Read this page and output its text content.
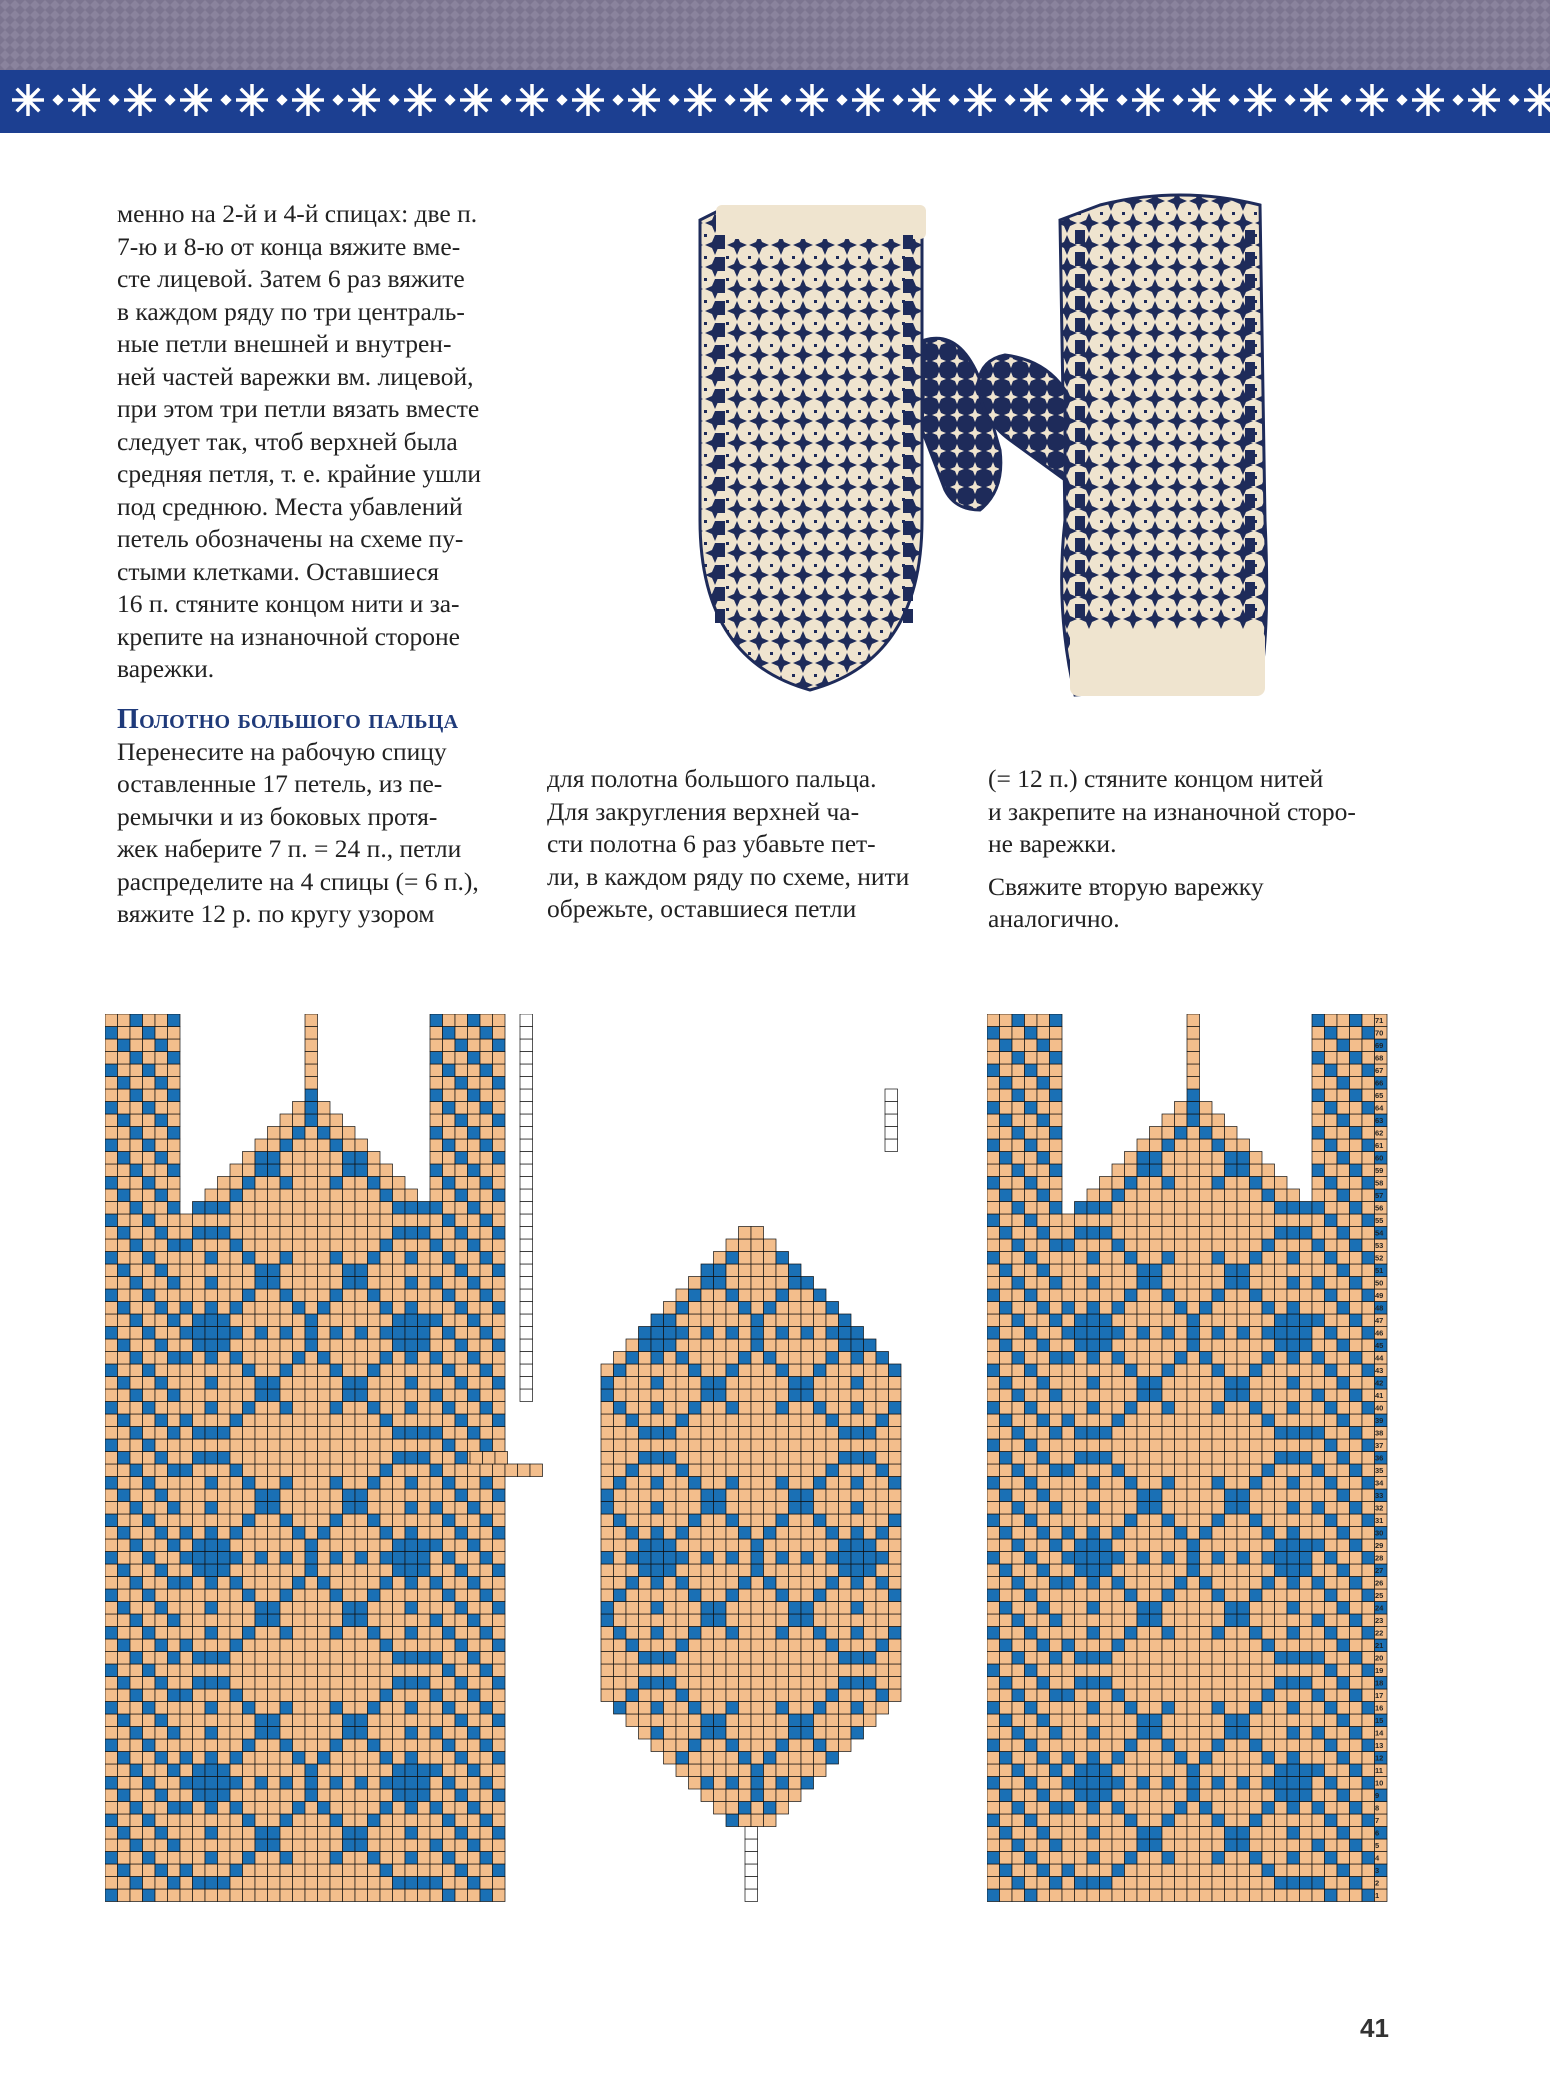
менно на 2-й и 4-й спицах: две п.

7-ю и 8-ю от конца вяжите вме-

сте лицевой. Затем 6 раз вяжите

в каждом ряду по три централь-

ные петли внешней и внутрен-

ней частей варежки вм. лицевой,

при этом три петли вязать вместе

следует так, чтоб верхней была

средняя петля, т. е. крайние ушли

под среднюю. Места убавлений

петель обозначены на схеме пу-

стыми клетками. Оставшиеся

16 п. стяните концом нити и за-

крепите на изнаночной стороне

варежки.

Полотно большого пальца

Перенесите на рабочую спицу

оставленные 17 петель, из пе-

ремычки и из боковых протя-

жек наберите 7 п. = 24 п., петли

распределите на 4 спицы (= 6 п.),

вяжите 12 р. по кругу узором

для полотна большого пальца.

Для закругления верхней ча-

сти полотна 6 раз убавьте пет-

ли, в каждом ряду по схеме, нити

обрежьте, оставшиеся петли

(= 12 п.) стяните концом нитей

и закрепите на изнаночной сторо-

не варежки.

Свяжите вторую варежку

аналогично.

1
2
3
4
5
6
7
8
9
10
11
12
13
14
15
16
17
18
19
20
21
22
23
24
25
26
27
28
29
30
31
32
33
34
35
36
37
38
39
40
41
42
43
44
45
46
47
48
49
50
51
52
53
54
55
56
57
58
59
60
61
62
63
64
65
66
67
68
69
70
71
41
